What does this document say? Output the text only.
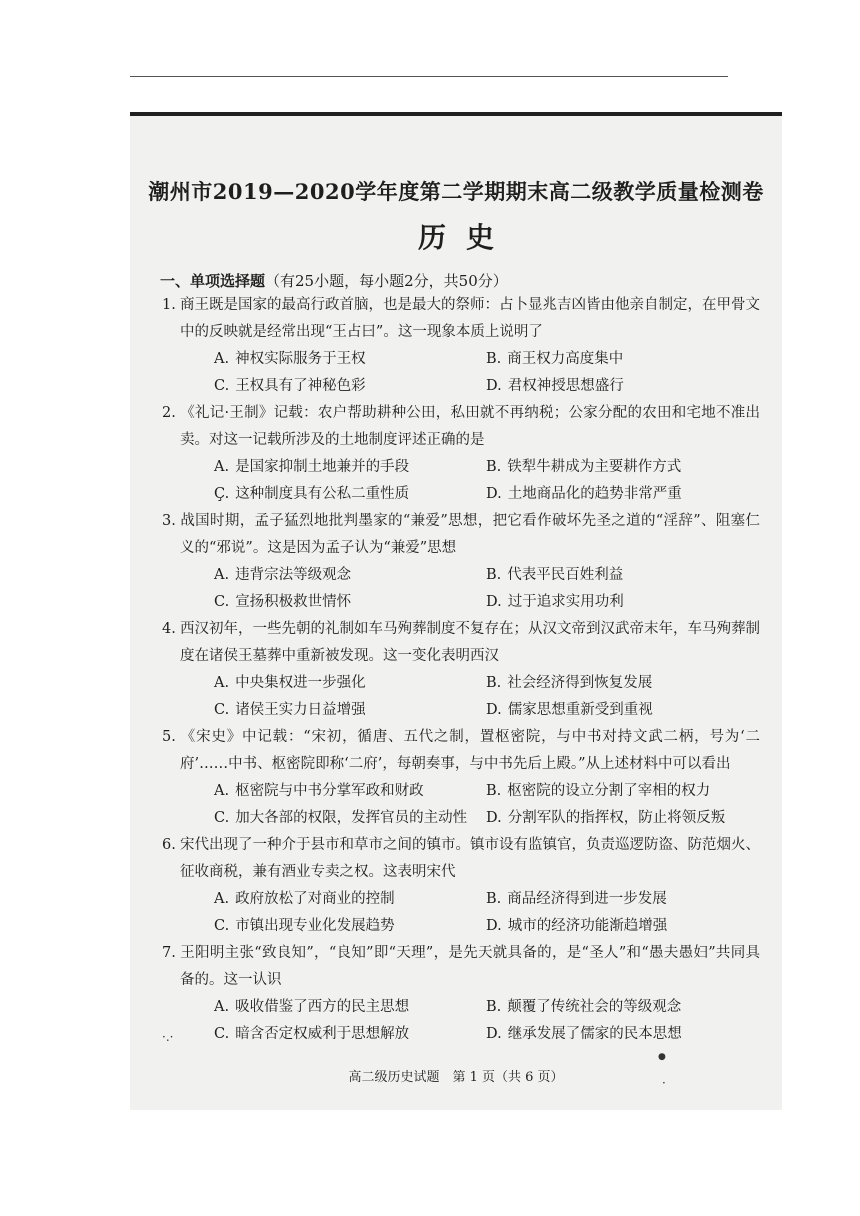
潮州市2019—2020学年度第二学期期末高二级教学质量检测卷
历史
一、单项选择题（有25小题，每小题2分，共50分）
1. 商王既是国家的最高行政首脑，也是最大的祭师：占卜显兆吉凶皆由他亲自制定，在甲骨文中的反映就是经常出现“王占曰”。这一现象本质上说明了
A. 神权实际服务于王权	B. 商王权力高度集中
C. 王权具有了神秘色彩	D. 君权神授思想盛行
2. 《礼记·王制》记载：农户帮助耕种公田，私田就不再纳税；公家分配的农田和宅地不准出卖。对这一记载所涉及的土地制度评述正确的是
A. 是国家抑制土地兼并的手段	B. 铁犁牛耕成为主要耕作方式
Ç. 这种制度具有公私二重性质	D. 土地商品化的趋势非常严重
3. 战国时期，孟子猛烈地批判墨家的“兼爱”思想，把它看作破坏先圣之道的“淫辞”、阻塞仁义的“邪说”。这是因为孟子认为“兼爱”思想
A. 违背宗法等级观念	B. 代表平民百姓利益
C. 宣扬积极救世情怀	D. 过于追求实用功利
4. 西汉初年，一些先朝的礼制如车马殉葬制度不复存在；从汉文帝到汉武帝末年，车马殉葬制度在诸侯王墓葬中重新被发现。这一变化表明西汉
A. 中央集权进一步强化	B. 社会经济得到恢复发展
C. 诸侯王实力日益增强	D. 儒家思想重新受到重视
5. 《宋史》中记载：“宋初，循唐、五代之制，置枢密院，与中书对持文武二柄，号为‘二府’……中书、枢密院即称‘二府’，每朝奏事，与中书先后上殿。”从上述材料中可以看出
A. 枢密院与中书分掌军政和财政	B. 枢密院的设立分割了宰相的权力
C. 加大各部的权限，发挥官员的主动性	D. 分割军队的指挥权，防止将领反叛
6. 宋代出现了一种介于县市和草市之间的镇市。镇市设有监镇官，负责巡逻防盗、防范烟火、征收商税，兼有酒业专卖之权。这表明宋代
A. 政府放松了对商业的控制	B. 商品经济得到进一步发展
C. 市镇出现专业化发展趋势	D. 城市的经济功能渐趋增强
7. 王阳明主张“致良知”，“良知”即“天理”，是先天就具备的，是“圣人”和“愚夫愚妇”共同具备的。这一认识
A. 吸收借鉴了西方的民主思想	B. 颠覆了传统社会的等级观念
C. 暗含否定权威利于思想解放	D. 继承发展了儒家的民本思想
高二级历史试题　第 1 页（共 6 页）
·.·
●
·
